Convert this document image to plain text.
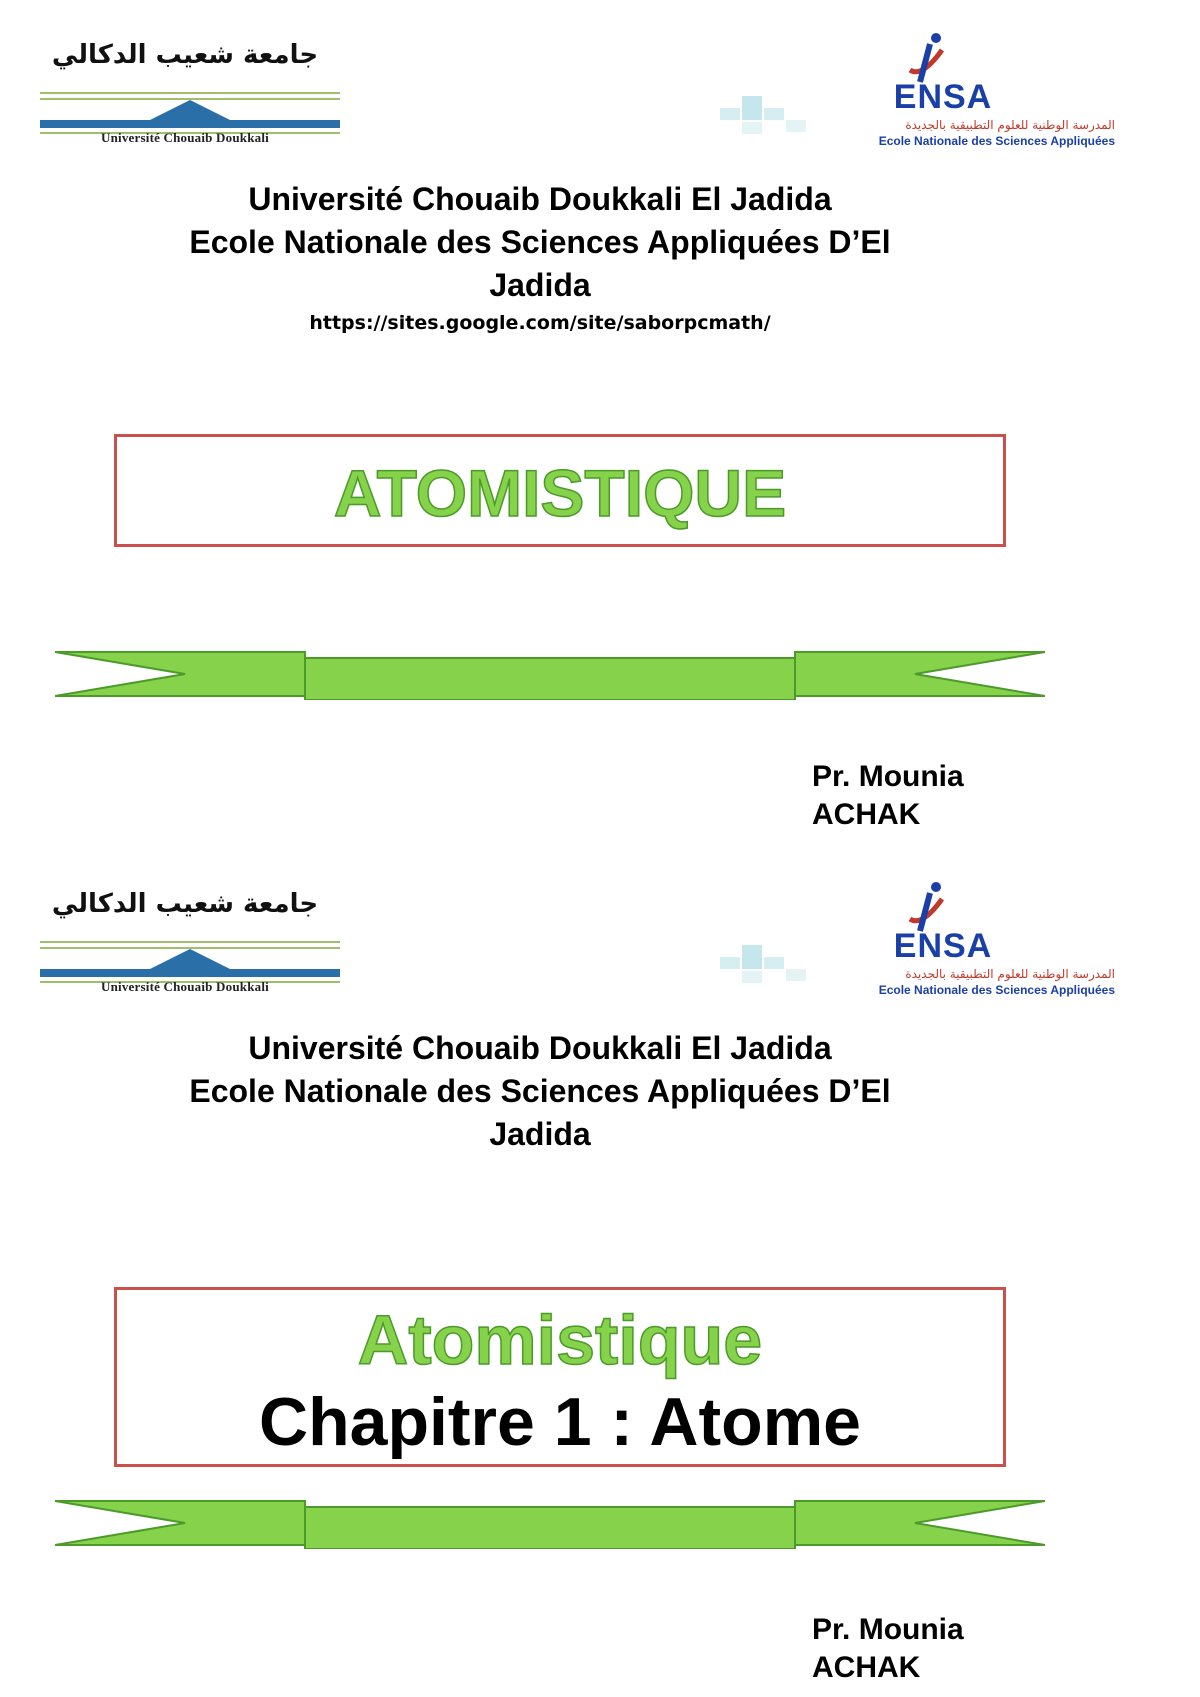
جامعة شعيب الدكالي
Université Chouaib Doukkali
ENSA
المدرسة الوطنية للعلوم التطبيقية بالجديدة
Ecole Nationale des Sciences Appliquées
Université Chouaib Doukkali El Jadida
Ecole Nationale des Sciences Appliquées D’El
Jadida
https://sites.google.com/site/saborpcmath/
ATOMISTIQUE
Pr. Mounia
ACHAK
جامعة شعيب الدكالي
Université Chouaib Doukkali
ENSA
المدرسة الوطنية للعلوم التطبيقية بالجديدة
Ecole Nationale des Sciences Appliquées
Université Chouaib Doukkali El Jadida
Ecole Nationale des Sciences Appliquées D’El
Jadida
Atomistique
Chapitre 1 : Atome
Pr. Mounia
ACHAK
